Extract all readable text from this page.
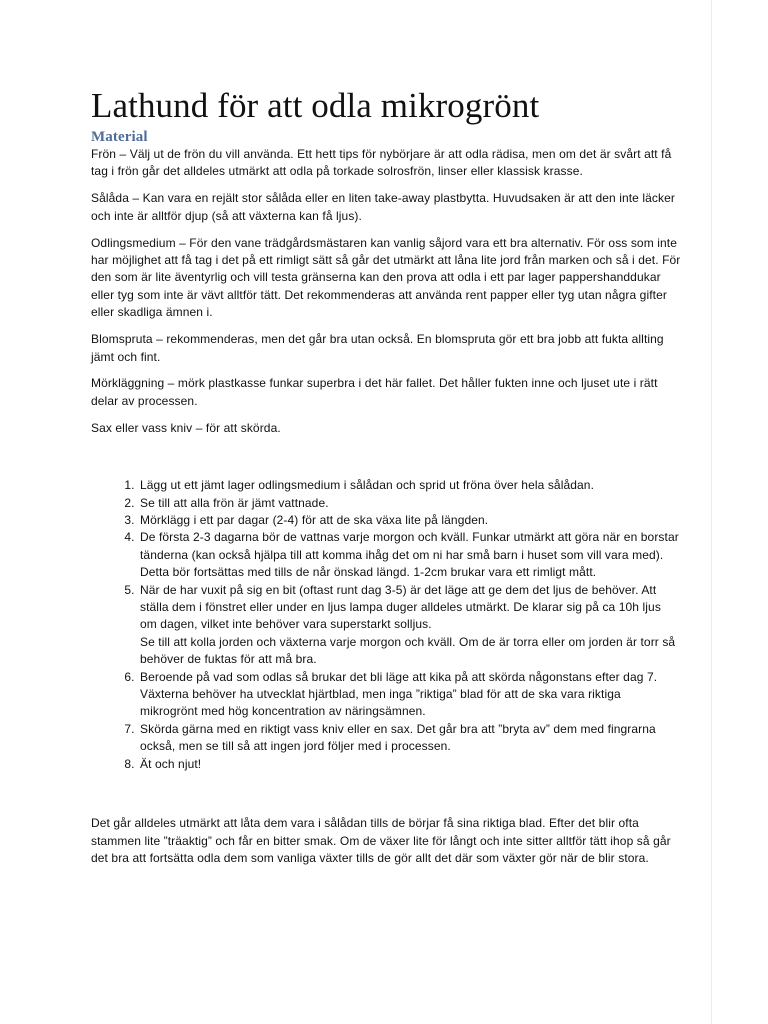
Lathund för att odla mikrogrönt
Material

Frön – Välj ut de frön du vill använda. Ett hett tips för nybörjare är att odla rädisa, men om det är svårt att få tag i frön går det alldeles utmärkt att odla på torkade solrosfrön, linser eller klassisk krasse.

Sålåda – Kan vara en rejält stor sålåda eller en liten take-away plastbytta. Huvudsaken är att den inte läcker och inte är alltför djup (så att växterna kan få ljus).

Odlingsmedium – För den vane trädgårdsmästaren kan vanlig såjord vara ett bra alternativ. För oss som inte har möjlighet att få tag i det på ett rimligt sätt så går det utmärkt att låna lite jord från marken och så i det. För den som är lite äventyrlig och vill testa gränserna kan den prova att odla i ett par lager pappershanddukar eller tyg som inte är vävt alltför tätt. Det rekommenderas att använda rent papper eller tyg utan några gifter eller skadliga ämnen i.

Blomspruta – rekommenderas, men det går bra utan också. En blomspruta gör ett bra jobb att fukta allting jämt och fint.

Mörkläggning – mörk plastkasse funkar superbra i det här fallet. Det håller fukten inne och ljuset ute i rätt delar av processen.

Sax eller vass kniv – för att skörda.

1. Lägg ut ett jämt lager odlingsmedium i sålådan och sprid ut fröna över hela sålådan.
2. Se till att alla frön är jämt vattnade.
3. Mörklägg i ett par dagar (2-4) för att de ska växa lite på längden.
4. De första 2-3 dagarna bör de vattnas varje morgon och kväll. Funkar utmärkt att göra när en borstar tänderna (kan också hjälpa till att komma ihåg det om ni har små barn i huset som vill vara med).
Detta bör fortsättas med tills de når önskad längd. 1-2cm brukar vara ett rimligt mått.
5. När de har vuxit på sig en bit (oftast runt dag 3-5) är det läge att ge dem det ljus de behöver. Att ställa dem i fönstret eller under en ljus lampa duger alldeles utmärkt. De klarar sig på ca 10h ljus om dagen, vilket inte behöver vara superstarkt solljus.
Se till att kolla jorden och växterna varje morgon och kväll. Om de är torra eller om jorden är torr så behöver de fuktas för att må bra.
6. Beroende på vad som odlas så brukar det bli läge att kika på att skörda någonstans efter dag 7. Växterna behöver ha utvecklat hjärtblad, men inga ”riktiga” blad för att de ska vara riktiga mikrogrönt med hög koncentration av näringsämnen.
7. Skörda gärna med en riktigt vass kniv eller en sax. Det går bra att ”bryta av” dem med fingrarna också, men se till så att ingen jord följer med i processen.
8. Ät och njut!

Det går alldeles utmärkt att låta dem vara i sålådan tills de börjar få sina riktiga blad. Efter det blir ofta stammen lite ”träaktig” och får en bitter smak. Om de växer lite för långt och inte sitter alltför tätt ihop så går det bra att fortsätta odla dem som vanliga växter tills de gör allt det där som växter gör när de blir stora.
